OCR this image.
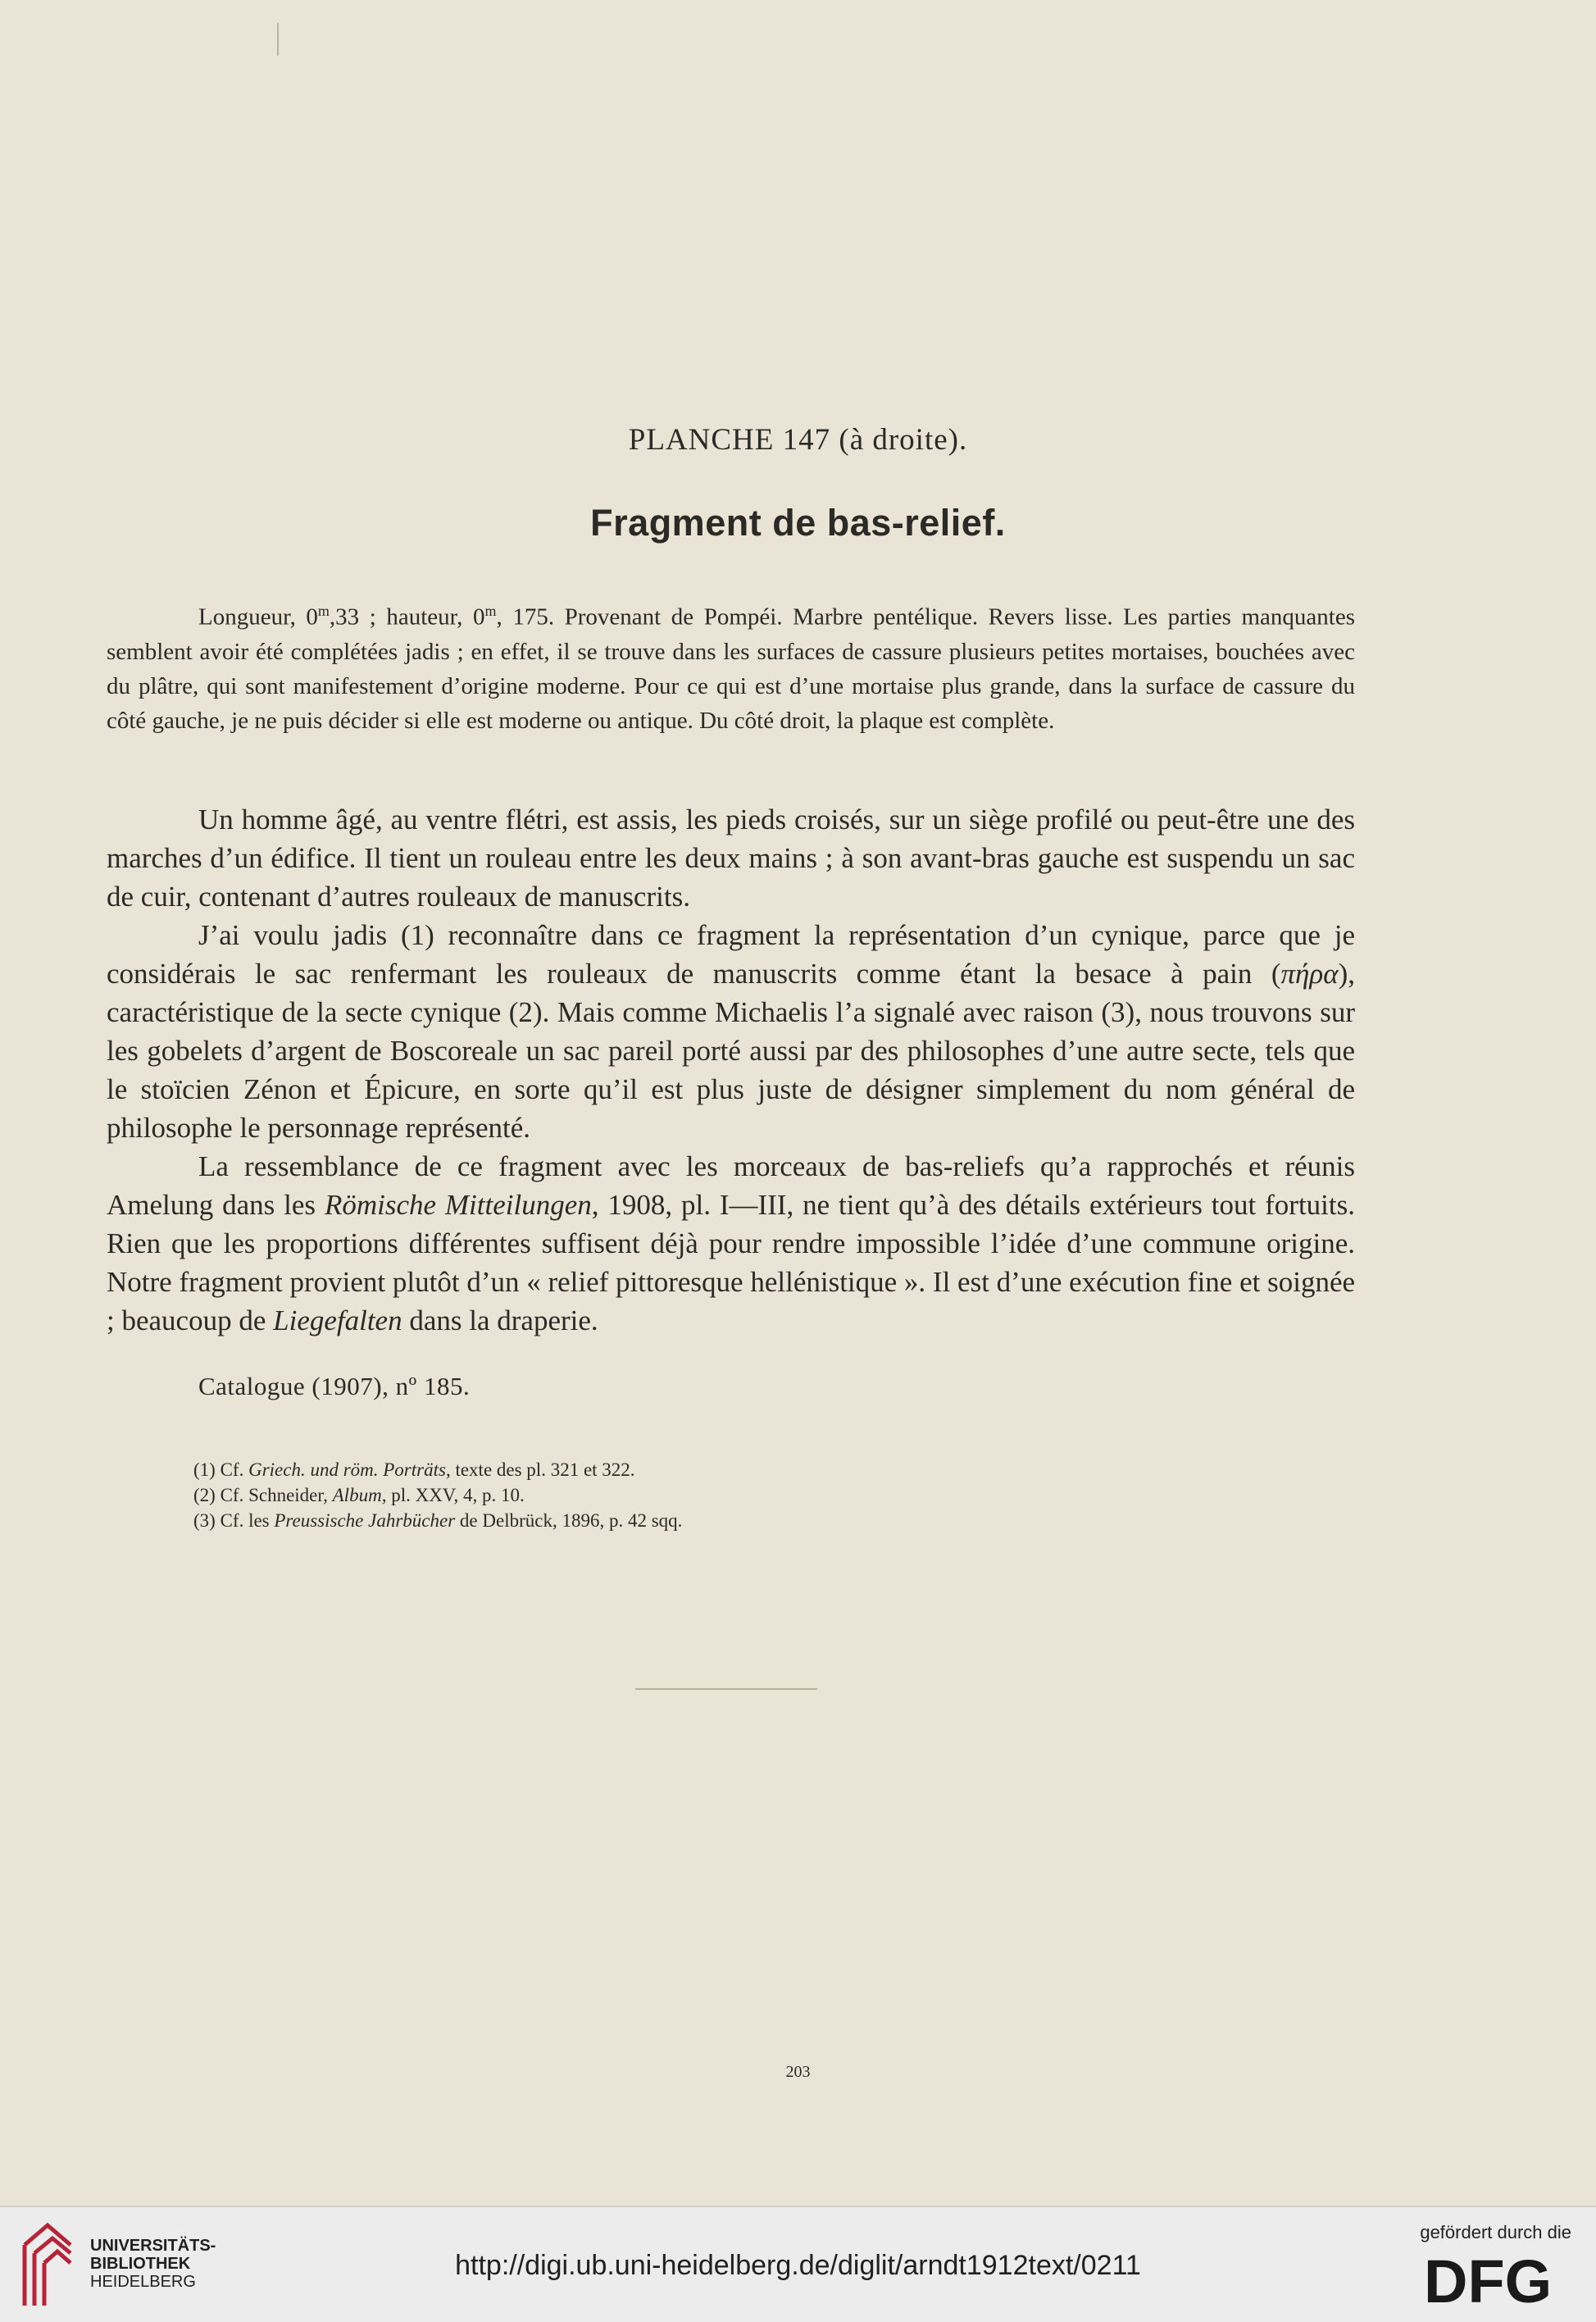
PLANCHE 147 (à droite).
Fragment de bas-relief.

Longueur, 0$^m$,33 ; hauteur, 0$^m$, 175. Provenant de Pompéi. Marbre pentélique. Revers lisse. Les parties manquantes semblent avoir été complétées jadis ; en effet, il se trouve dans les surfaces de cassure plusieurs petites mortaises, bouchées avec du plâtre, qui sont manifestement d’origine moderne. Pour ce qui est d’une mortaise plus grande, dans la surface de cassure du côté gauche, je ne puis décider si elle est moderne ou antique. Du côté droit, la plaque est complète.

Un homme âgé, au ventre flétri, est assis, les pieds croisés, sur un siège profilé ou peut-être une des marches d’un édifice. Il tient un rouleau entre les deux mains ; à son avant-bras gauche est suspendu un sac de cuir, contenant d’autres rouleaux de manuscrits.

J’ai voulu jadis (1) reconnaître dans ce fragment la représentation d’un cynique, parce que je considérais le sac renfermant les rouleaux de manuscrits comme étant la besace à pain (πήρα), caractéristique de la secte cynique (2). Mais comme Michaelis l’a signalé avec raison (3), nous trouvons sur les gobelets d’argent de Boscoreale un sac pareil porté aussi par des philosophes d’une autre secte, tels que le stoïcien Zénon et Épicure, en sorte qu’il est plus juste de désigner simplement du nom général de philosophe le personnage représenté.

La ressemblance de ce fragment avec les morceaux de bas-reliefs qu’a rapprochés et réunis Amelung dans les Römische Mitteilungen, 1908, pl. I—III, ne tient qu’à des détails extérieurs tout fortuits. Rien que les proportions différentes suffisent déjà pour rendre impossible l’idée d’une commune origine. Notre fragment provient plutôt d’un « relief pittoresque hellénistique ». Il est d’une exécution fine et soignée ; beaucoup de Liegefalten dans la draperie.

Catalogue (1907), nº 185.
(1) Cf. Griech. und röm. Porträts, texte des pl. 321 et 322.
(2) Cf. Schneider, Album, pl. XXV, 4, p. 10.
(3) Cf. les Preussische Jahrbücher de Delbrück, 1896, p. 42 sqq.
203
UNIVERSITÄTS-
BIBLIOTHEK
HEIDELBERG
http://digi.ub.uni-heidelberg.de/diglit/arndt1912text/0211
gefördert durch die
DFG
